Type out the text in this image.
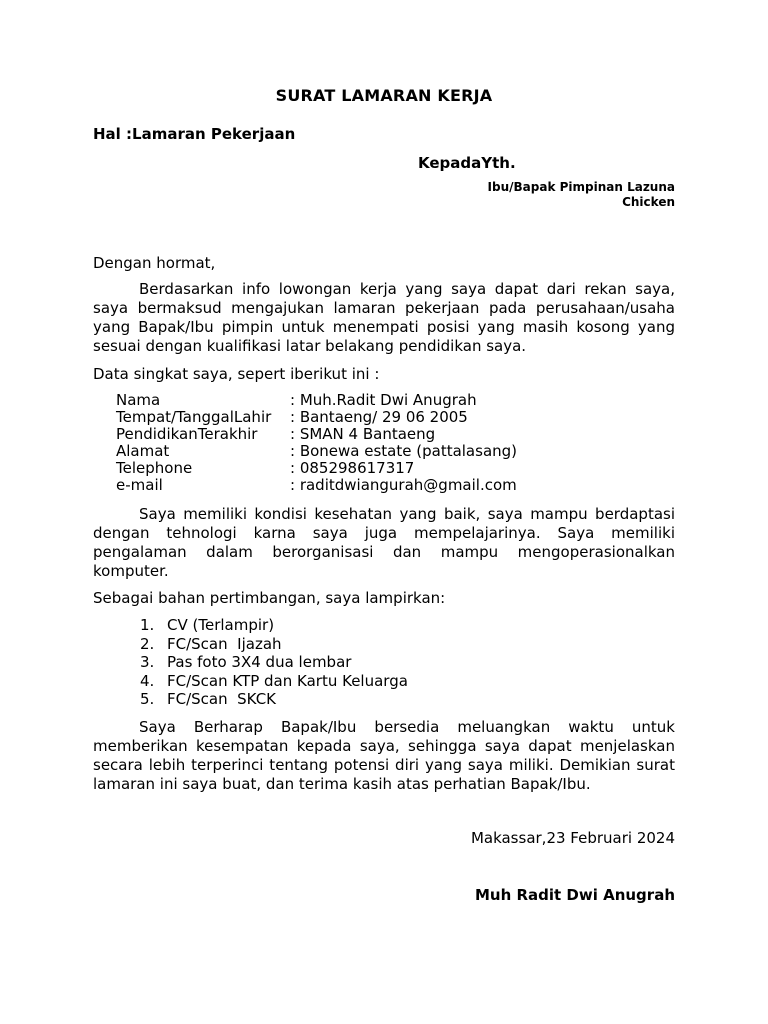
SURAT LAMARAN KERJA
Hal :Lamaran Pekerjaan
KepadaYth.
Ibu/Bapak Pimpinan Lazuna
Chicken
Dengan hormat,
Berdasarkan info lowongan kerja yang saya dapat dari rekan saya, saya bermaksud mengajukan lamaran pekerjaan pada perusahaan/usaha yang Bapak/Ibu pimpin untuk menempati posisi yang masih kosong yang sesuai dengan kualifikasi latar belakang pendidikan saya.
Data singkat saya, sepert iberikut ini :
Nama	: Muh.Radit Dwi Anugrah
Tempat/TanggalLahir	: Bantaeng/ 29 06 2005
PendidikanTerakhir	: SMAN 4 Bantaeng
Alamat	: Bonewa estate (pattalasang)
Telephone	: 085298617317
e-mail	: raditdwiangurah@gmail.com
Saya memiliki kondisi kesehatan yang baik, saya mampu berdaptasi dengan tehnologi karna saya juga mempelajarinya. Saya memiliki pengalaman dalam berorganisasi dan mampu mengoperasionalkan komputer.
Sebagai bahan pertimbangan, saya lampirkan:
1. CV (Terlampir)
2. FC/Scan  Ijazah
3. Pas foto 3X4 dua lembar
4. FC/Scan KTP dan Kartu Keluarga
5. FC/Scan  SKCK
Saya Berharap Bapak/Ibu bersedia meluangkan waktu untuk memberikan kesempatan kepada saya, sehingga saya dapat menjelaskan secara lebih terperinci tentang potensi diri yang saya miliki. Demikian surat lamaran ini saya buat, dan terima kasih atas perhatian Bapak/Ibu.
Makassar,23 Februari 2024
Muh Radit Dwi Anugrah
